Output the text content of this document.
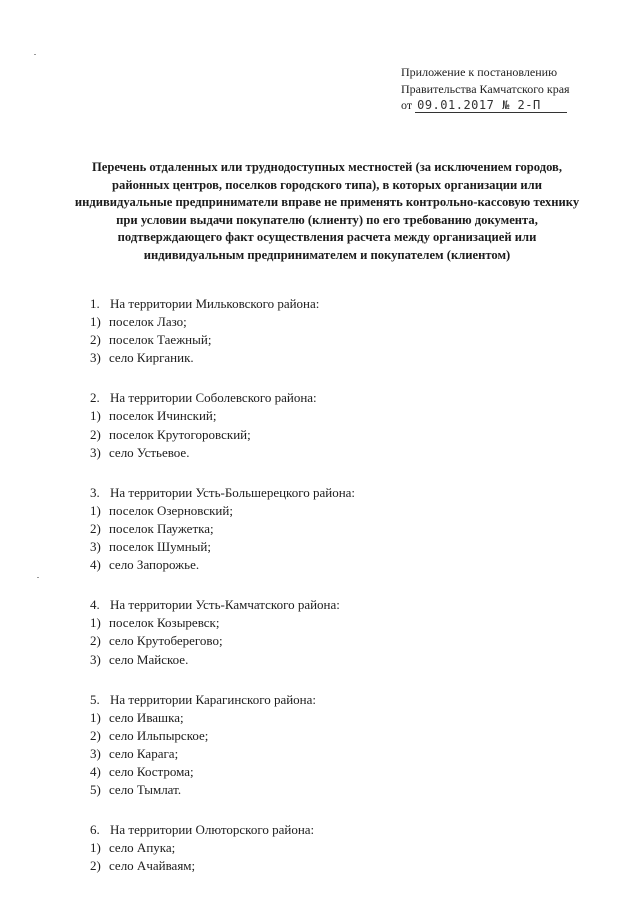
Приложение к постановлению
Правительства Камчатского края
от 09.01.2017 № 2-П
Перечень отдаленных или труднодоступных местностей (за исключением городов, районных центров, поселков городского типа), в которых организации или индивидуальные предприниматели вправе не применять контрольно-кассовую технику при условии выдачи покупателю (клиенту) по его требованию документа, подтверждающего факт осуществления расчета между организацией или индивидуальным предпринимателем и покупателем (клиентом)
1. На территории Мильковского района:
1) поселок Лазо;
2) поселок Таежный;
3) село Кирганик.
2. На территории Соболевского района:
1) поселок Ичинский;
2) поселок Крутогоровский;
3) село Устьевое.
3. На территории Усть-Большерецкого района:
1) поселок Озерновский;
2) поселок Паужетка;
3) поселок Шумный;
4) село Запорожье.
4. На территории Усть-Камчатского района:
1) поселок Козыревск;
2) село Крутоберегово;
3) село Майское.
5. На территории Карагинского района:
1) село Ивашка;
2) село Ильпырское;
3) село Карага;
4) село Кострома;
5) село Тымлат.
6. На территории Олюторского района:
1) село Апука;
2) село Ачайваям;
